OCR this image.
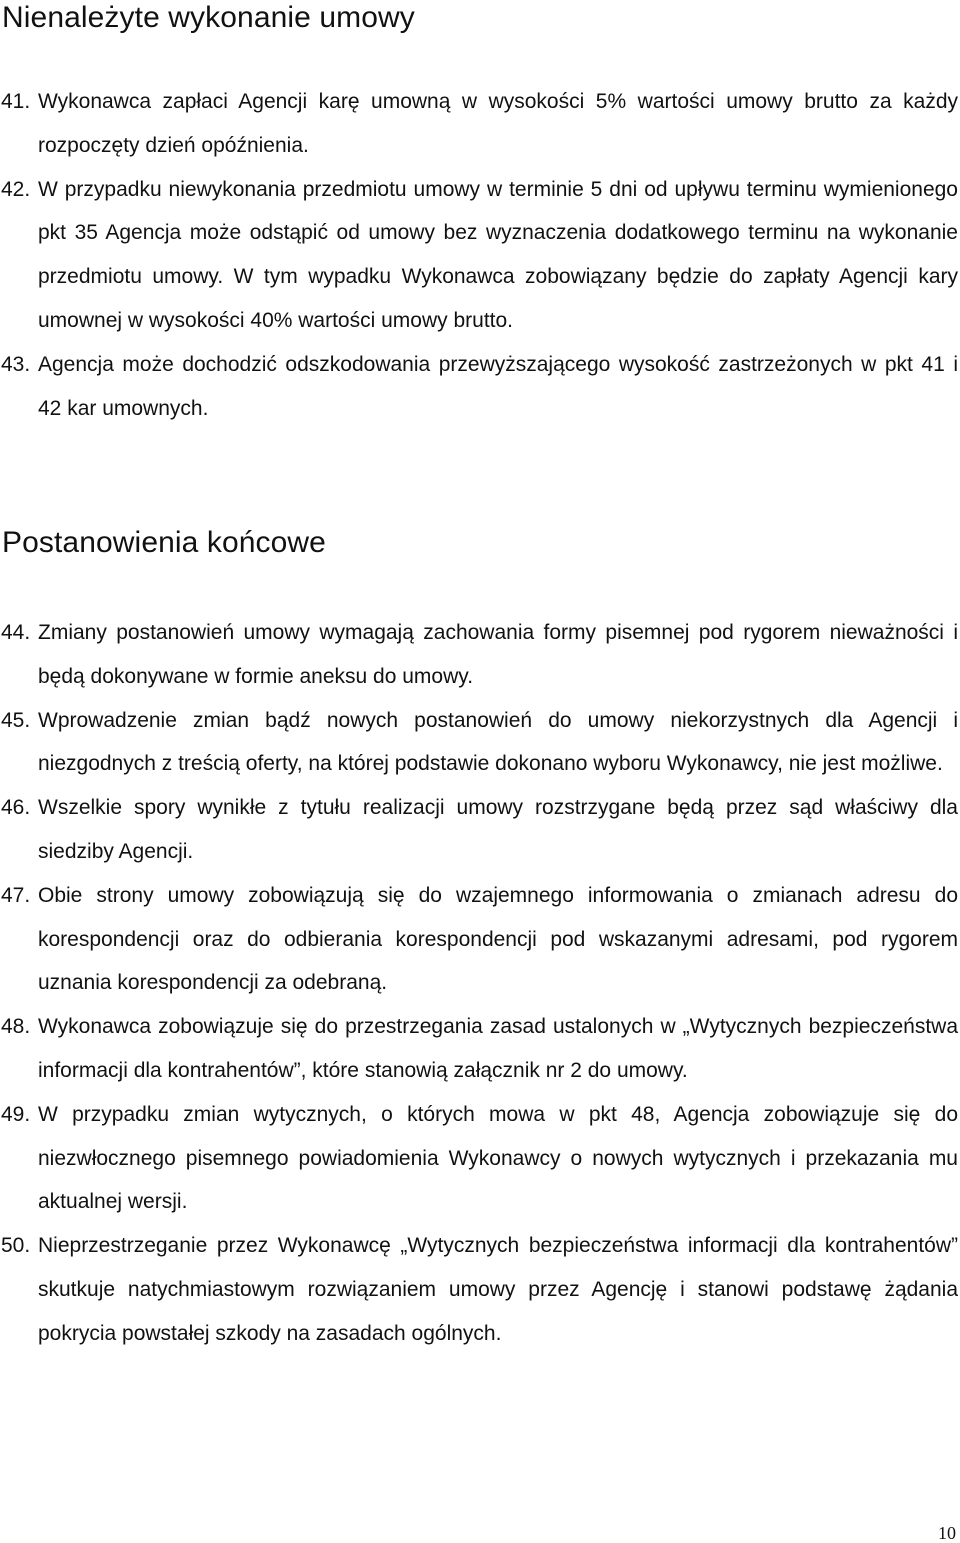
Nienależyte wykonanie umowy
41. Wykonawca zapłaci Agencji karę umowną w wysokości 5% wartości umowy brutto za każdy rozpoczęty dzień opóźnienia.
42. W przypadku niewykonania przedmiotu umowy w terminie 5 dni od upływu terminu wymienionego pkt 35 Agencja może odstąpić od umowy bez wyznaczenia dodatkowego terminu na wykonanie przedmiotu umowy. W tym wypadku Wykonawca zobowiązany będzie do zapłaty Agencji kary umownej w wysokości 40% wartości umowy brutto.
43. Agencja może dochodzić odszkodowania przewyższającego wysokość zastrzeżonych w pkt 41 i 42 kar umownych.
Postanowienia końcowe
44. Zmiany postanowień umowy wymagają zachowania formy pisemnej pod rygorem nieważności i będą dokonywane w formie aneksu do umowy.
45. Wprowadzenie zmian bądź nowych postanowień do umowy niekorzystnych dla Agencji i niezgodnych z treścią oferty, na której podstawie dokonano wyboru Wykonawcy, nie jest możliwe.
46. Wszelkie spory wynikłe z tytułu realizacji umowy rozstrzygane będą przez sąd właściwy dla siedziby Agencji.
47. Obie strony umowy zobowiązują się do wzajemnego informowania o zmianach adresu do korespondencji oraz do odbierania korespondencji pod wskazanymi adresami, pod rygorem uznania korespondencji za odebraną.
48. Wykonawca zobowiązuje się do przestrzegania zasad ustalonych w „Wytycznych bezpieczeństwa informacji dla kontrahentów”, które stanowią załącznik nr 2 do umowy.
49. W przypadku zmian wytycznych, o których mowa w pkt 48, Agencja zobowiązuje się do niezwłocznego pisemnego powiadomienia Wykonawcy o nowych wytycznych i przekazania mu aktualnej wersji.
50. Nieprzestrzeganie przez Wykonawcę „Wytycznych bezpieczeństwa informacji dla kontrahentów” skutkuje natychmiastowym rozwiązaniem umowy przez Agencję i stanowi podstawę żądania pokrycia powstałej szkody na zasadach ogólnych.
10
